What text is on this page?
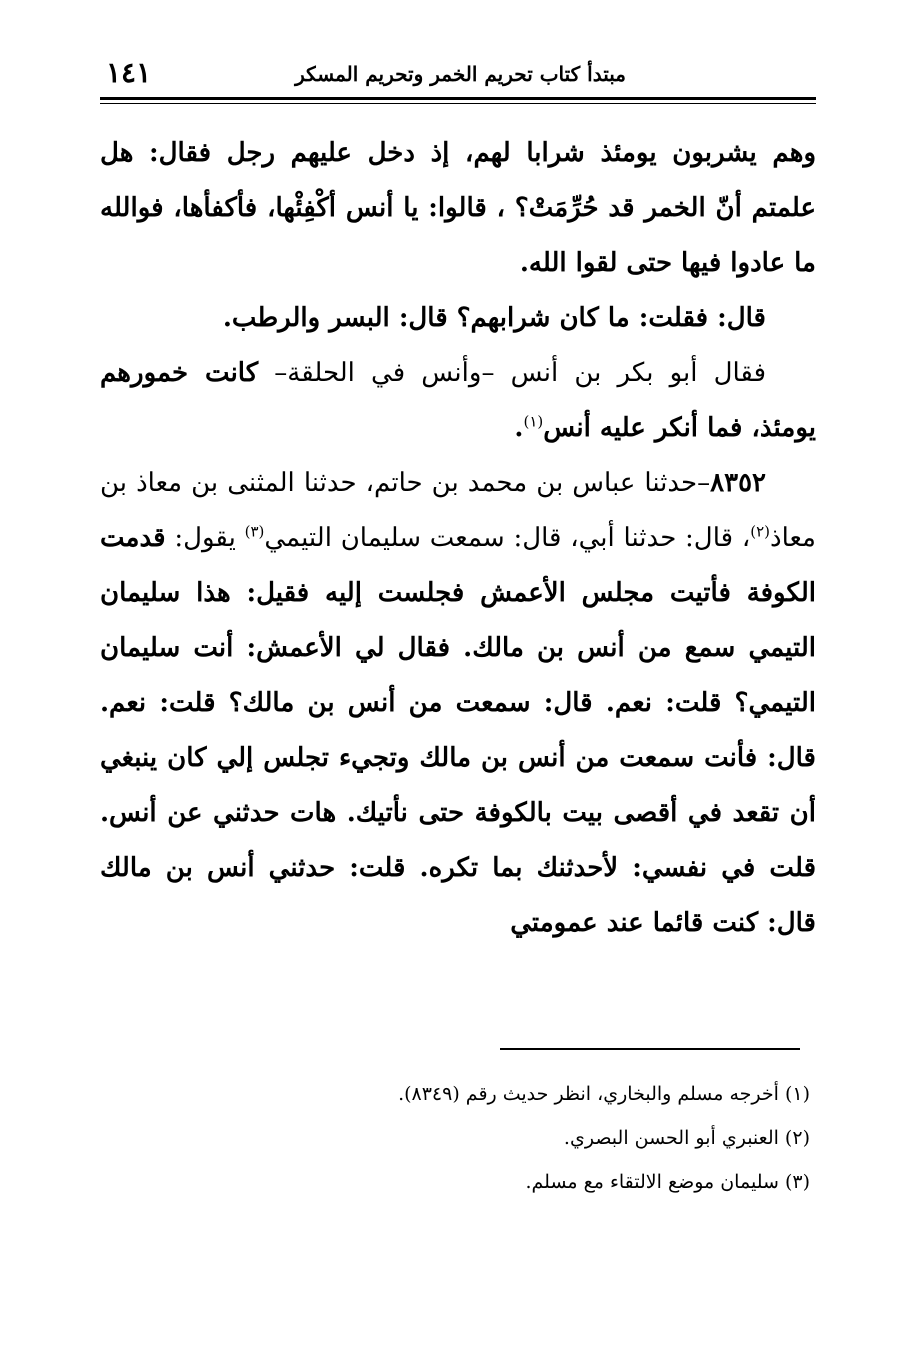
مبتدأ كتاب تحريم الخمر وتحريم المسكر
١٤١

وهم يشربون يومئذ شرابا لهم، إذ دخل عليهم رجل فقال: هل علمتم أنّ الخمر قد حُرِّمَتْ؟ ، قالوا: يا أنس أكْفِئْها، فأكفأها، فوالله ما عادوا فيها حتى لقوا الله.

قال: فقلت: ما كان شرابهم؟ قال: البسر والرطب.

فقال أبو بكر بن أنس –وأنس في الحلقة– كانت خمورهم يومئذ، فما أنكر عليه أنس$^{(١)}$.

٨٣٥٢–حدثنا عباس بن محمد بن حاتم، حدثنا المثنى بن معاذ بن معاذ$^{(٢)}$، قال: حدثنا أبي، قال: سمعت سليمان التيمي$^{(٣)}$ يقول: قدمت الكوفة فأتيت مجلس الأعمش فجلست إليه فقيل: هذا سليمان التيمي سمع من أنس بن مالك. فقال لي الأعمش: أنت سليمان التيمي؟ قلت: نعم. قال: سمعت من أنس بن مالك؟ قلت: نعم. قال: فأنت سمعت من أنس بن مالك وتجيء تجلس إلي كان ينبغي أن تقعد في أقصى بيت بالكوفة حتى نأتيك. هات حدثني عن أنس. قلت في نفسي: لأحدثنك بما تكره. قلت: حدثني أنس بن مالك قال: كنت قائما عند عمومتي

(١) أخرجه مسلم والبخاري، انظر حديث رقم (٨٣٤٩).

(٢) العنبري أبو الحسن البصري.

(٣) سليمان موضع الالتقاء مع مسلم.
